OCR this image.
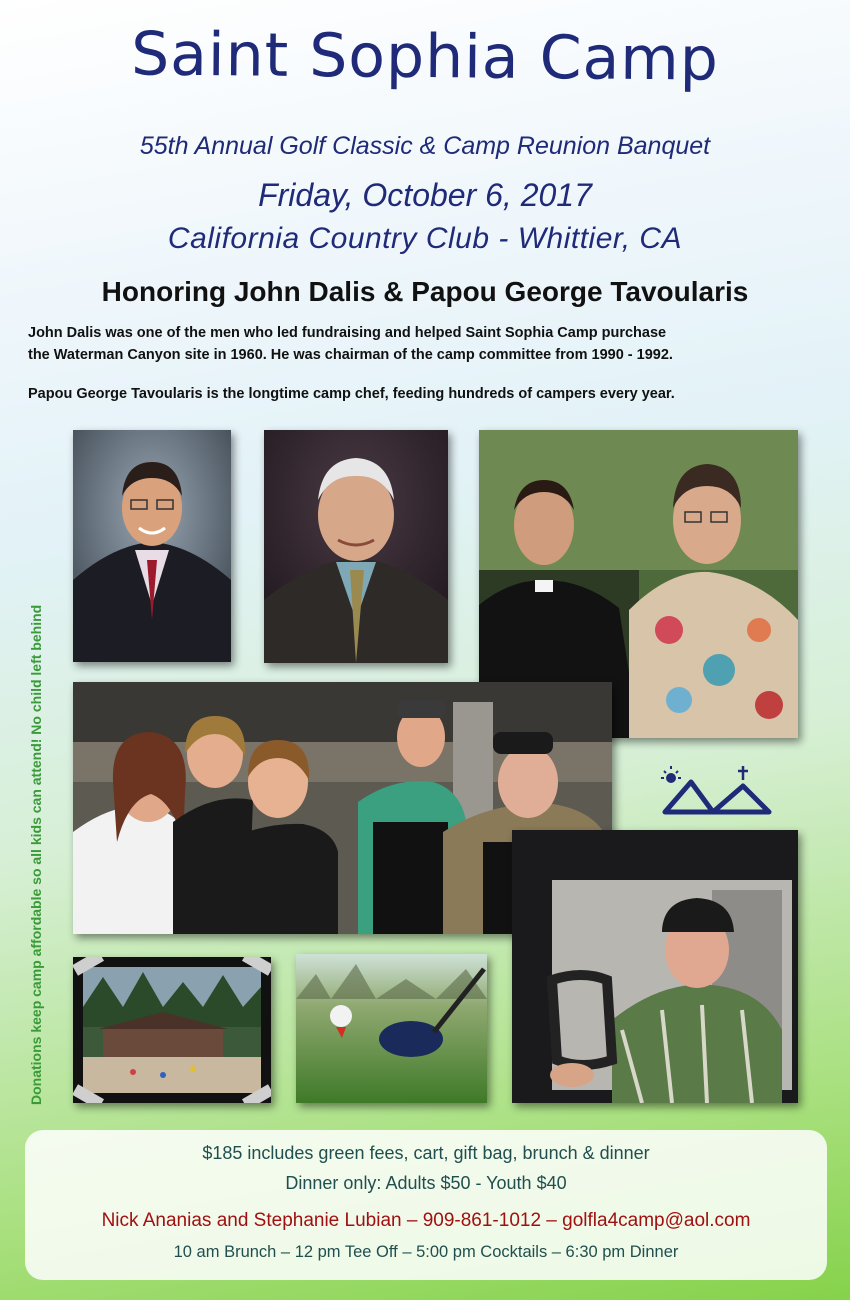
Saint Sophia Camp
55th Annual Golf Classic & Camp Reunion Banquet
Friday, October 6, 2017
California Country Club - Whittier, CA
Honoring John Dalis & Papou George Tavoularis
John Dalis was one of the men who led fundraising and helped Saint Sophia Camp purchase
the Waterman Canyon site in 1960. He was chairman of the camp committee from 1990 - 1992.
Papou George Tavoularis is the longtime camp chef, feeding hundreds of campers every year.
Donations keep camp affordable so all kids can attend! No child left behind
$185 includes green fees, cart, gift bag, brunch & dinner
Dinner only: Adults $50 - Youth $40
Nick Ananias and Stephanie Lubian – 909-861-1012 – golfla4camp@aol.com
10 am Brunch – 12 pm Tee Off – 5:00 pm Cocktails – 6:30 pm Dinner
